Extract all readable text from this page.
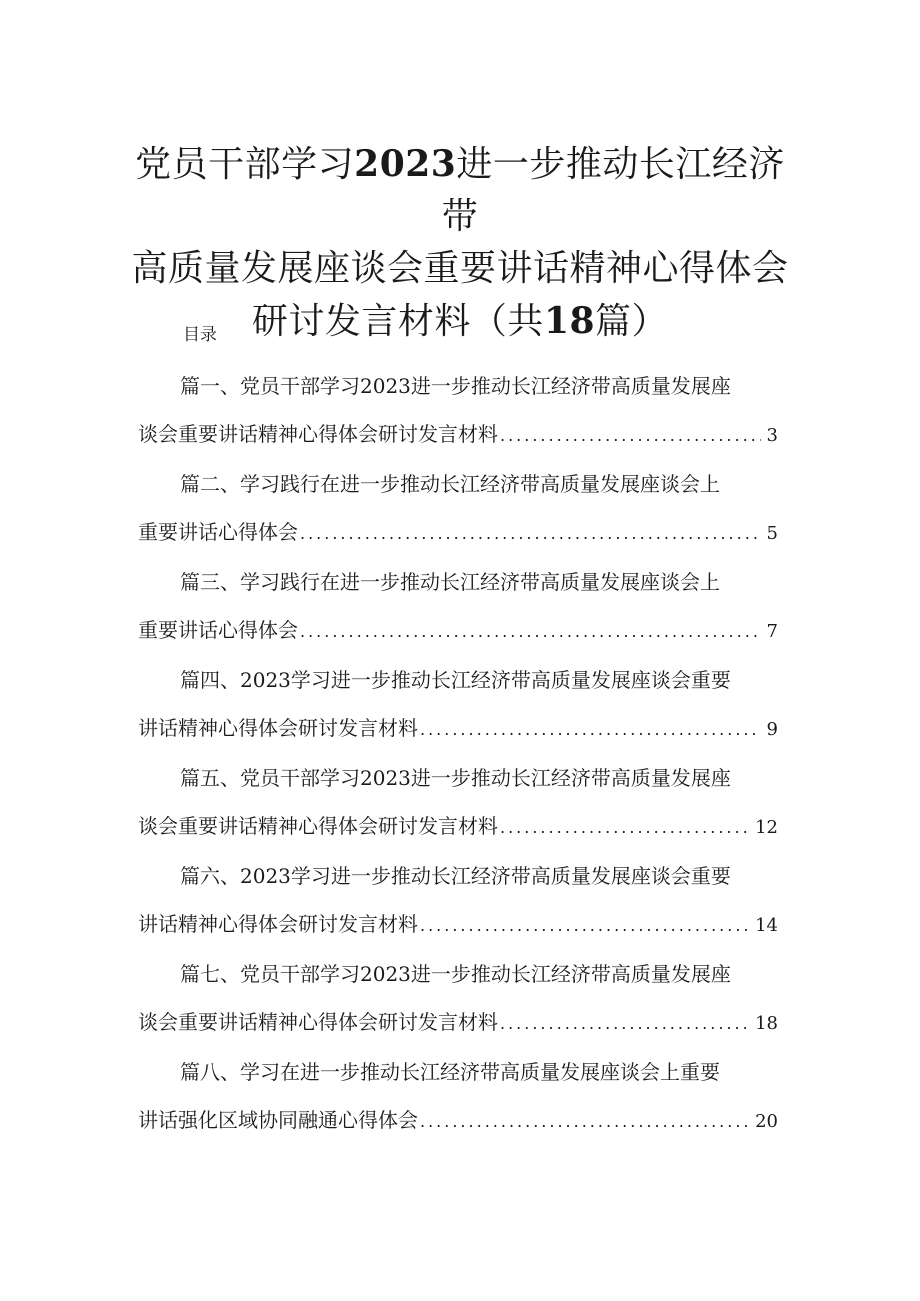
党员干部学习2023进一步推动长江经济带
高质量发展座谈会重要讲话精神心得体会
研讨发言材料（共18篇）

目录

篇一、党员干部学习2023进一步推动长江经济带高质量发展座
谈会重要讲话精神心得体会研讨发言材料 .....	3
篇二、学习践行在进一步推动长江经济带高质量发展座谈会上
重要讲话心得体会 .....	5
篇三、学习践行在进一步推动长江经济带高质量发展座谈会上
重要讲话心得体会 .....	7
篇四、2023学习进一步推动长江经济带高质量发展座谈会重要
讲话精神心得体会研讨发言材料 .....	9
篇五、党员干部学习2023进一步推动长江经济带高质量发展座
谈会重要讲话精神心得体会研讨发言材料 .....	12
篇六、2023学习进一步推动长江经济带高质量发展座谈会重要
讲话精神心得体会研讨发言材料 .....	14
篇七、党员干部学习2023进一步推动长江经济带高质量发展座
谈会重要讲话精神心得体会研讨发言材料 .....	18
篇八、学习在进一步推动长江经济带高质量发展座谈会上重要
讲话强化区域协同融通心得体会 .....	20
